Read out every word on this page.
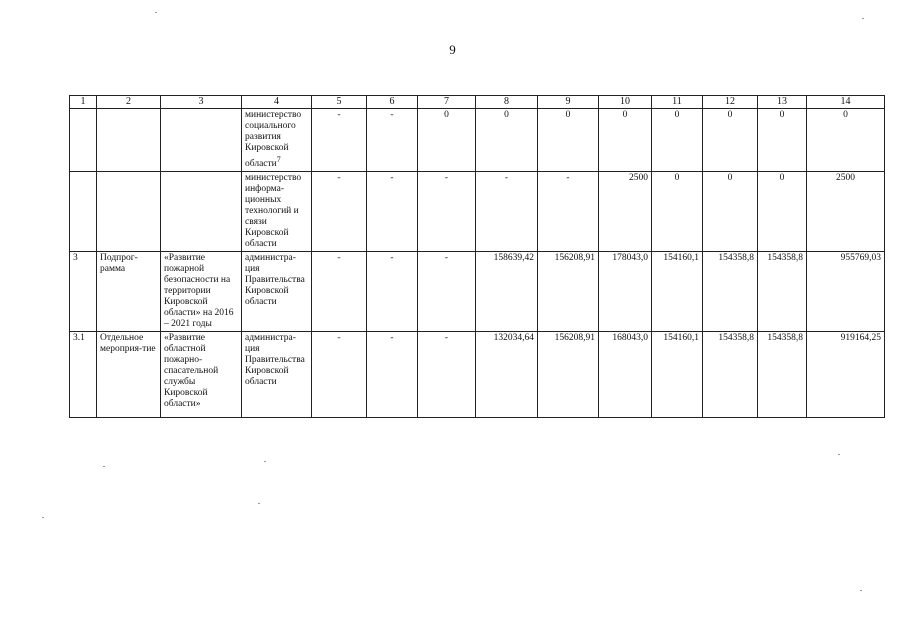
9
1	2	3	4	5	6	7	8	9	10	11	12	13	14
			министерство социального развития Кировской области$^7$	-	-	0	0	0	0	0	0	0	0
			министерство информа-ционных технологий и связи Кировской области	-	-	-	-	-	2500	0	0	0	2500
3	Подпрог-рамма	«Развитие пожарной безопасности на территории Кировской области» на 2016 – 2021 годы	администра-ция Правительства Кировской области	-	-	-	158639,42	156208,91	178043,0	154160,1	154358,8	154358,8	955769,03
3.1	Отдельное мероприя-тие	«Развитие областной пожарно-спасательной службы Кировской области»	администра-ция Правительства Кировской области	-	-	-	132034,64	156208,91	168043,0	154160,1	154358,8	154358,8	919164,25
